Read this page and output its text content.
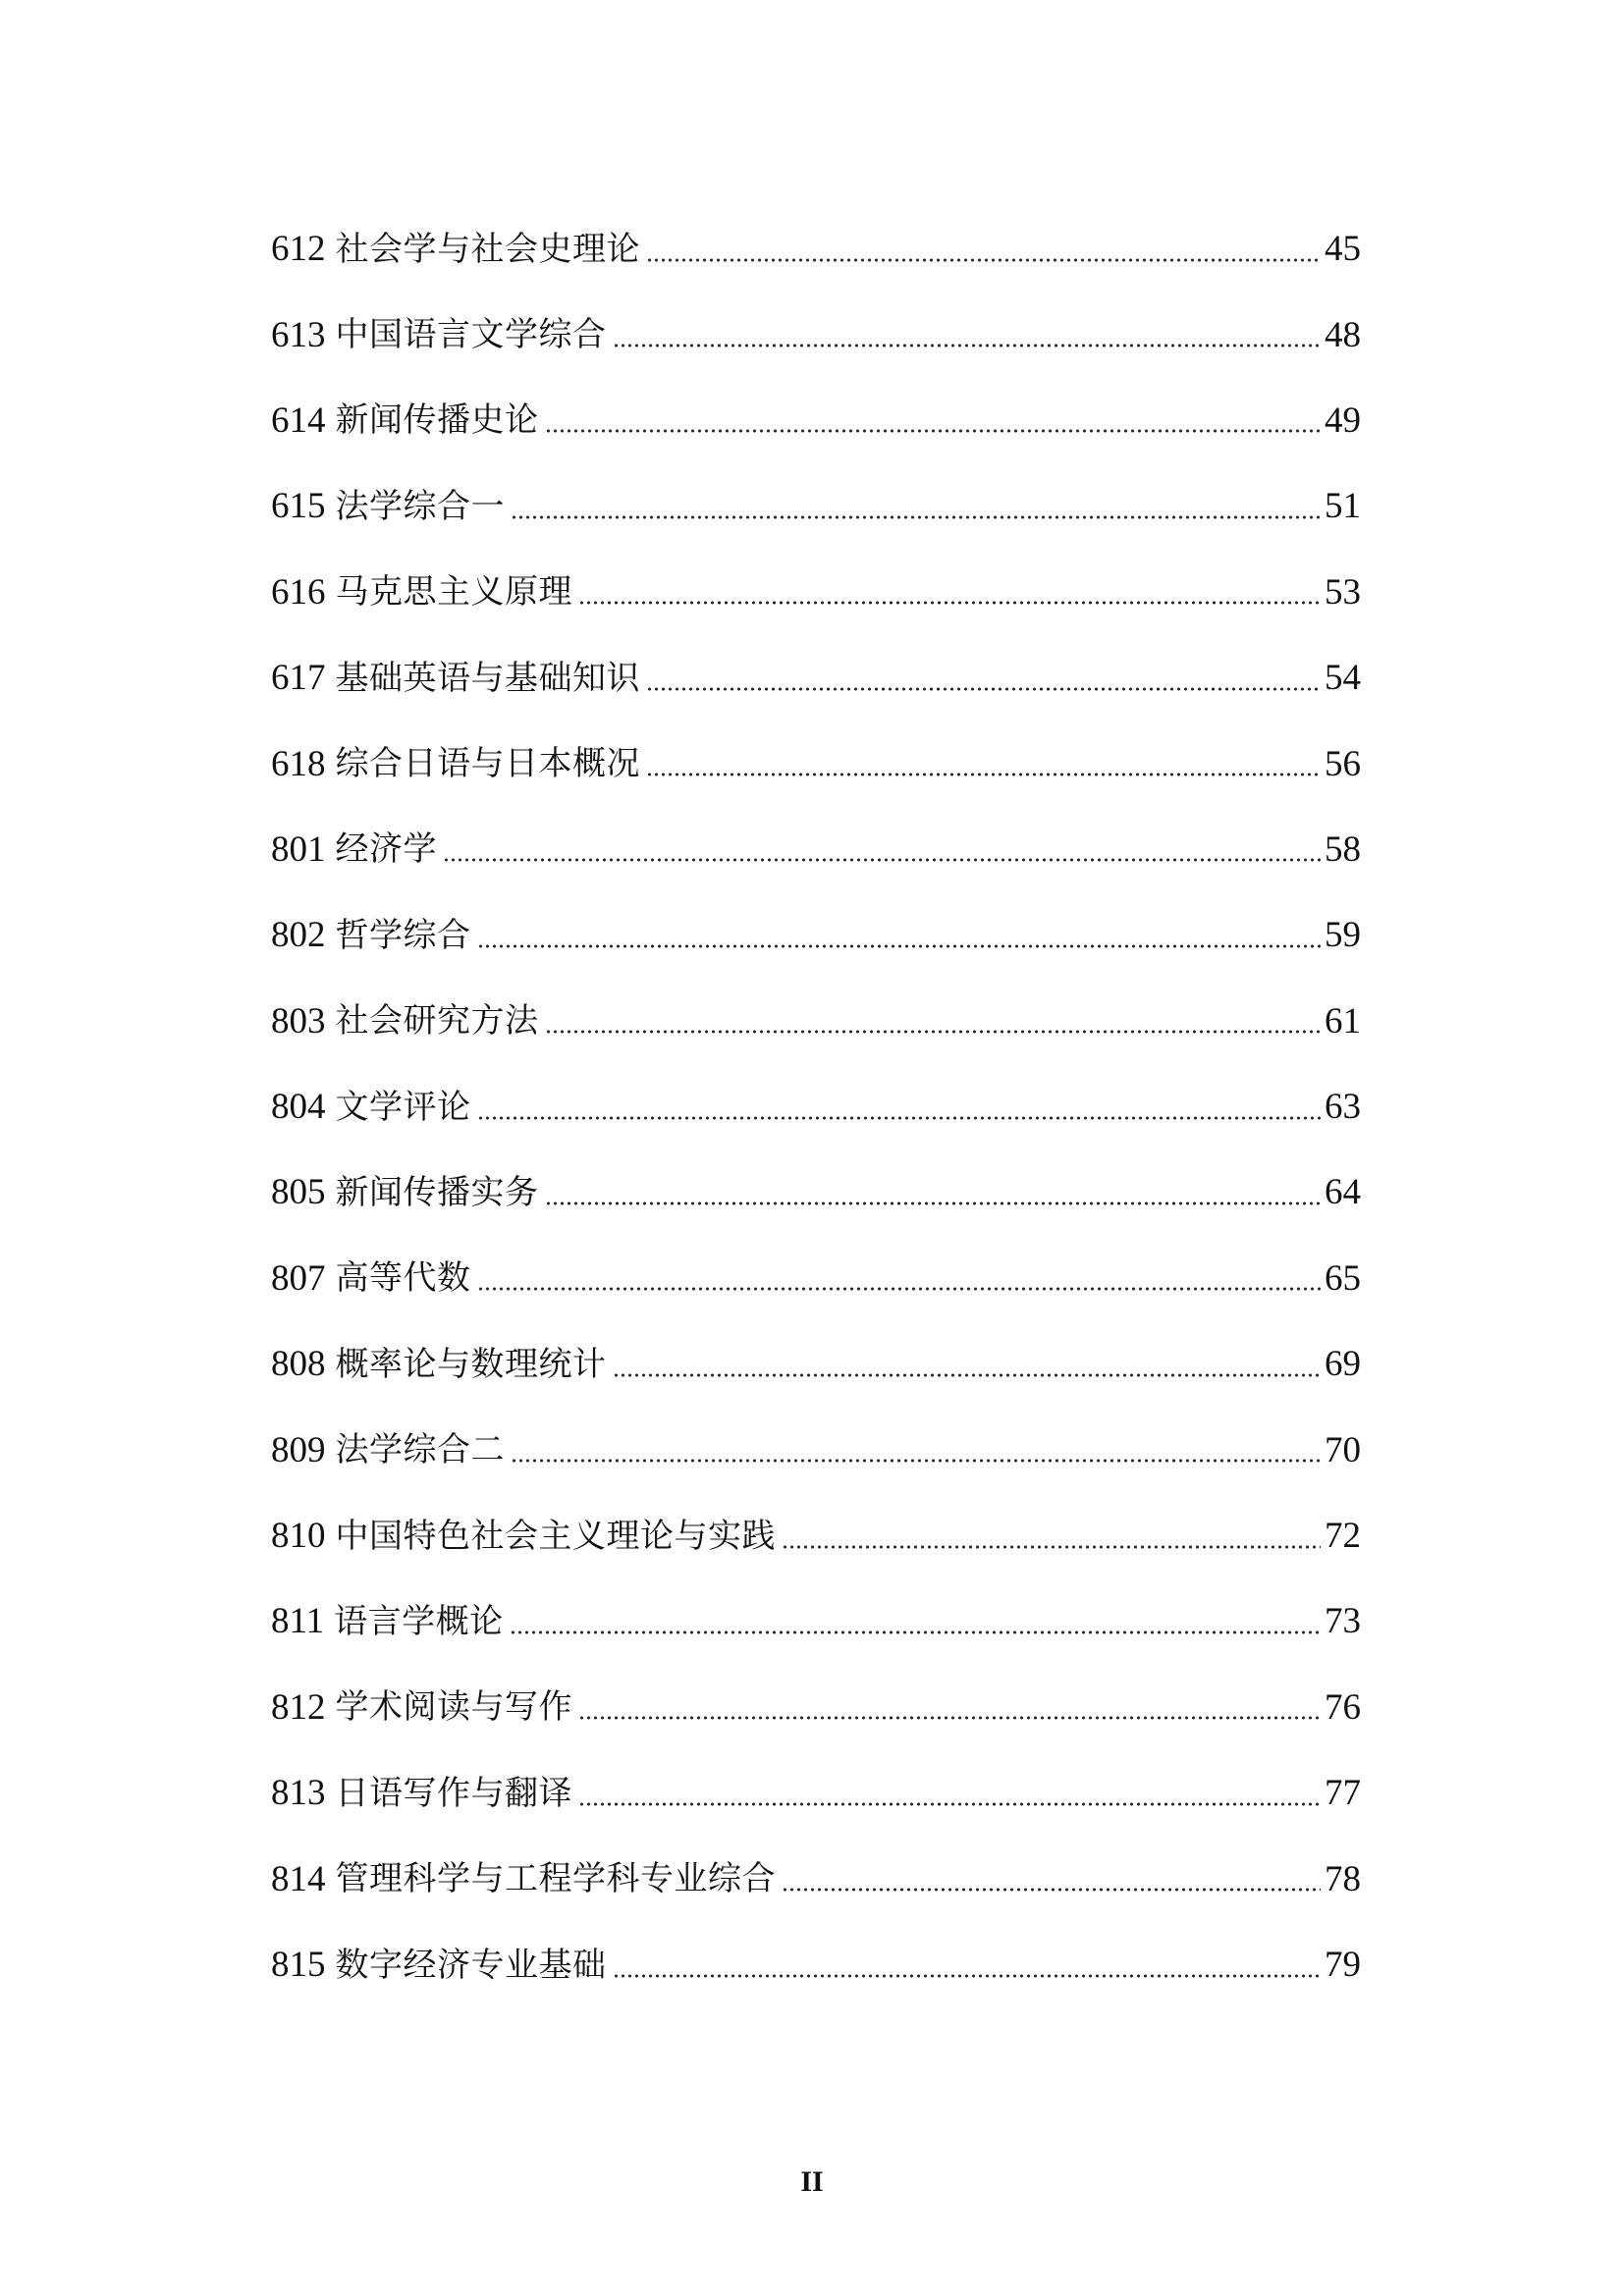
612 社会学与社会史理论	45
613 中国语言文学综合	48
614 新闻传播史论	49
615 法学综合一	51
616 马克思主义原理	53
617 基础英语与基础知识	54
618 综合日语与日本概况	56
801 经济学	58
802 哲学综合	59
803 社会研究方法	61
804 文学评论	63
805 新闻传播实务	64
807 高等代数	65
808 概率论与数理统计	69
809 法学综合二	70
810 中国特色社会主义理论与实践	72
811 语言学概论	73
812 学术阅读与写作	76
813 日语写作与翻译	77
814 管理科学与工程学科专业综合	78
815 数字经济专业基础	79
II
